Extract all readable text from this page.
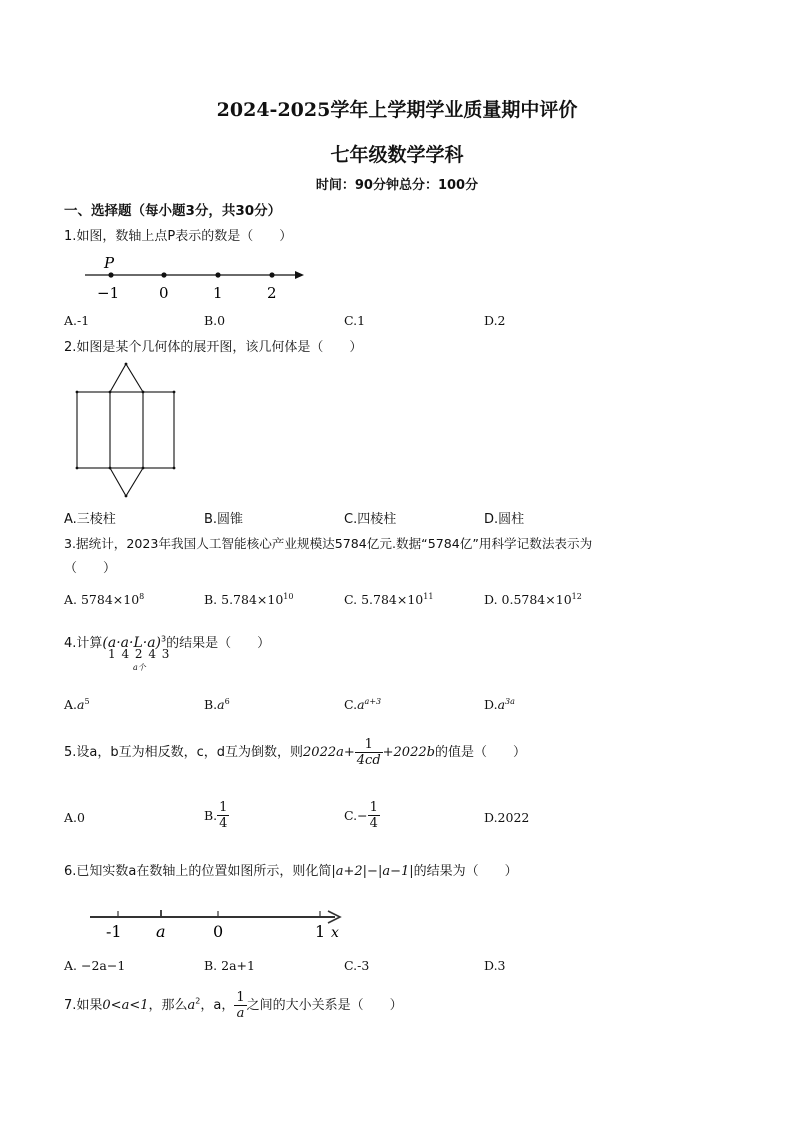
2024-2025学年上学期学业质量期中评价
七年级数学学科
时间：90分钟总分：100分
一、选择题（每小题3分，共30分）
1.如图，数轴上点P表示的数是（　　）
P
−1	0	1	2
A.-1	B.0	C.1	D.2
2.如图是某个几何体的展开图，该几何体是（　　）
A.三棱柱	B.圆锥	C.四棱柱	D.圆柱
3.据统计，2023年我国人工智能核心产业规模达5784亿元.数据“5784亿”用科学记数法表示为
（　　）
A. $5784\times 10^8$	B. $5.784\times 10^{10}$	C. $5.784\times 10^{11}$	D. $0.5784\times 10^{12}$
4.计算$(a\cdot a\cdot L\cdot a)^3$的结果是（　　）
1 4 2 4 3
a个
$A.a^5$	$B.a^6$	$C.a^{a+3}$	$D.a^{3a}$
5.设a，b互为相反数，c，d互为倒数，则$2022a+ \frac{1}{4cd} +2022b$的值是（　　）
A.0	B. $\frac{1}{4}$	$C.- \frac{1}{4}$	D.2022
6.已知实数a在数轴上的位置如图所示，则化简|a+2|−|a−1|的结果为（　　）
-1 a	0	1 x
A. −2a−1	B. 2a+1	C.-3	D.3
7.如果0<a<1，那么$a^2$，a， $\frac{1}{a}$ 之间的大小关系是（　　）
